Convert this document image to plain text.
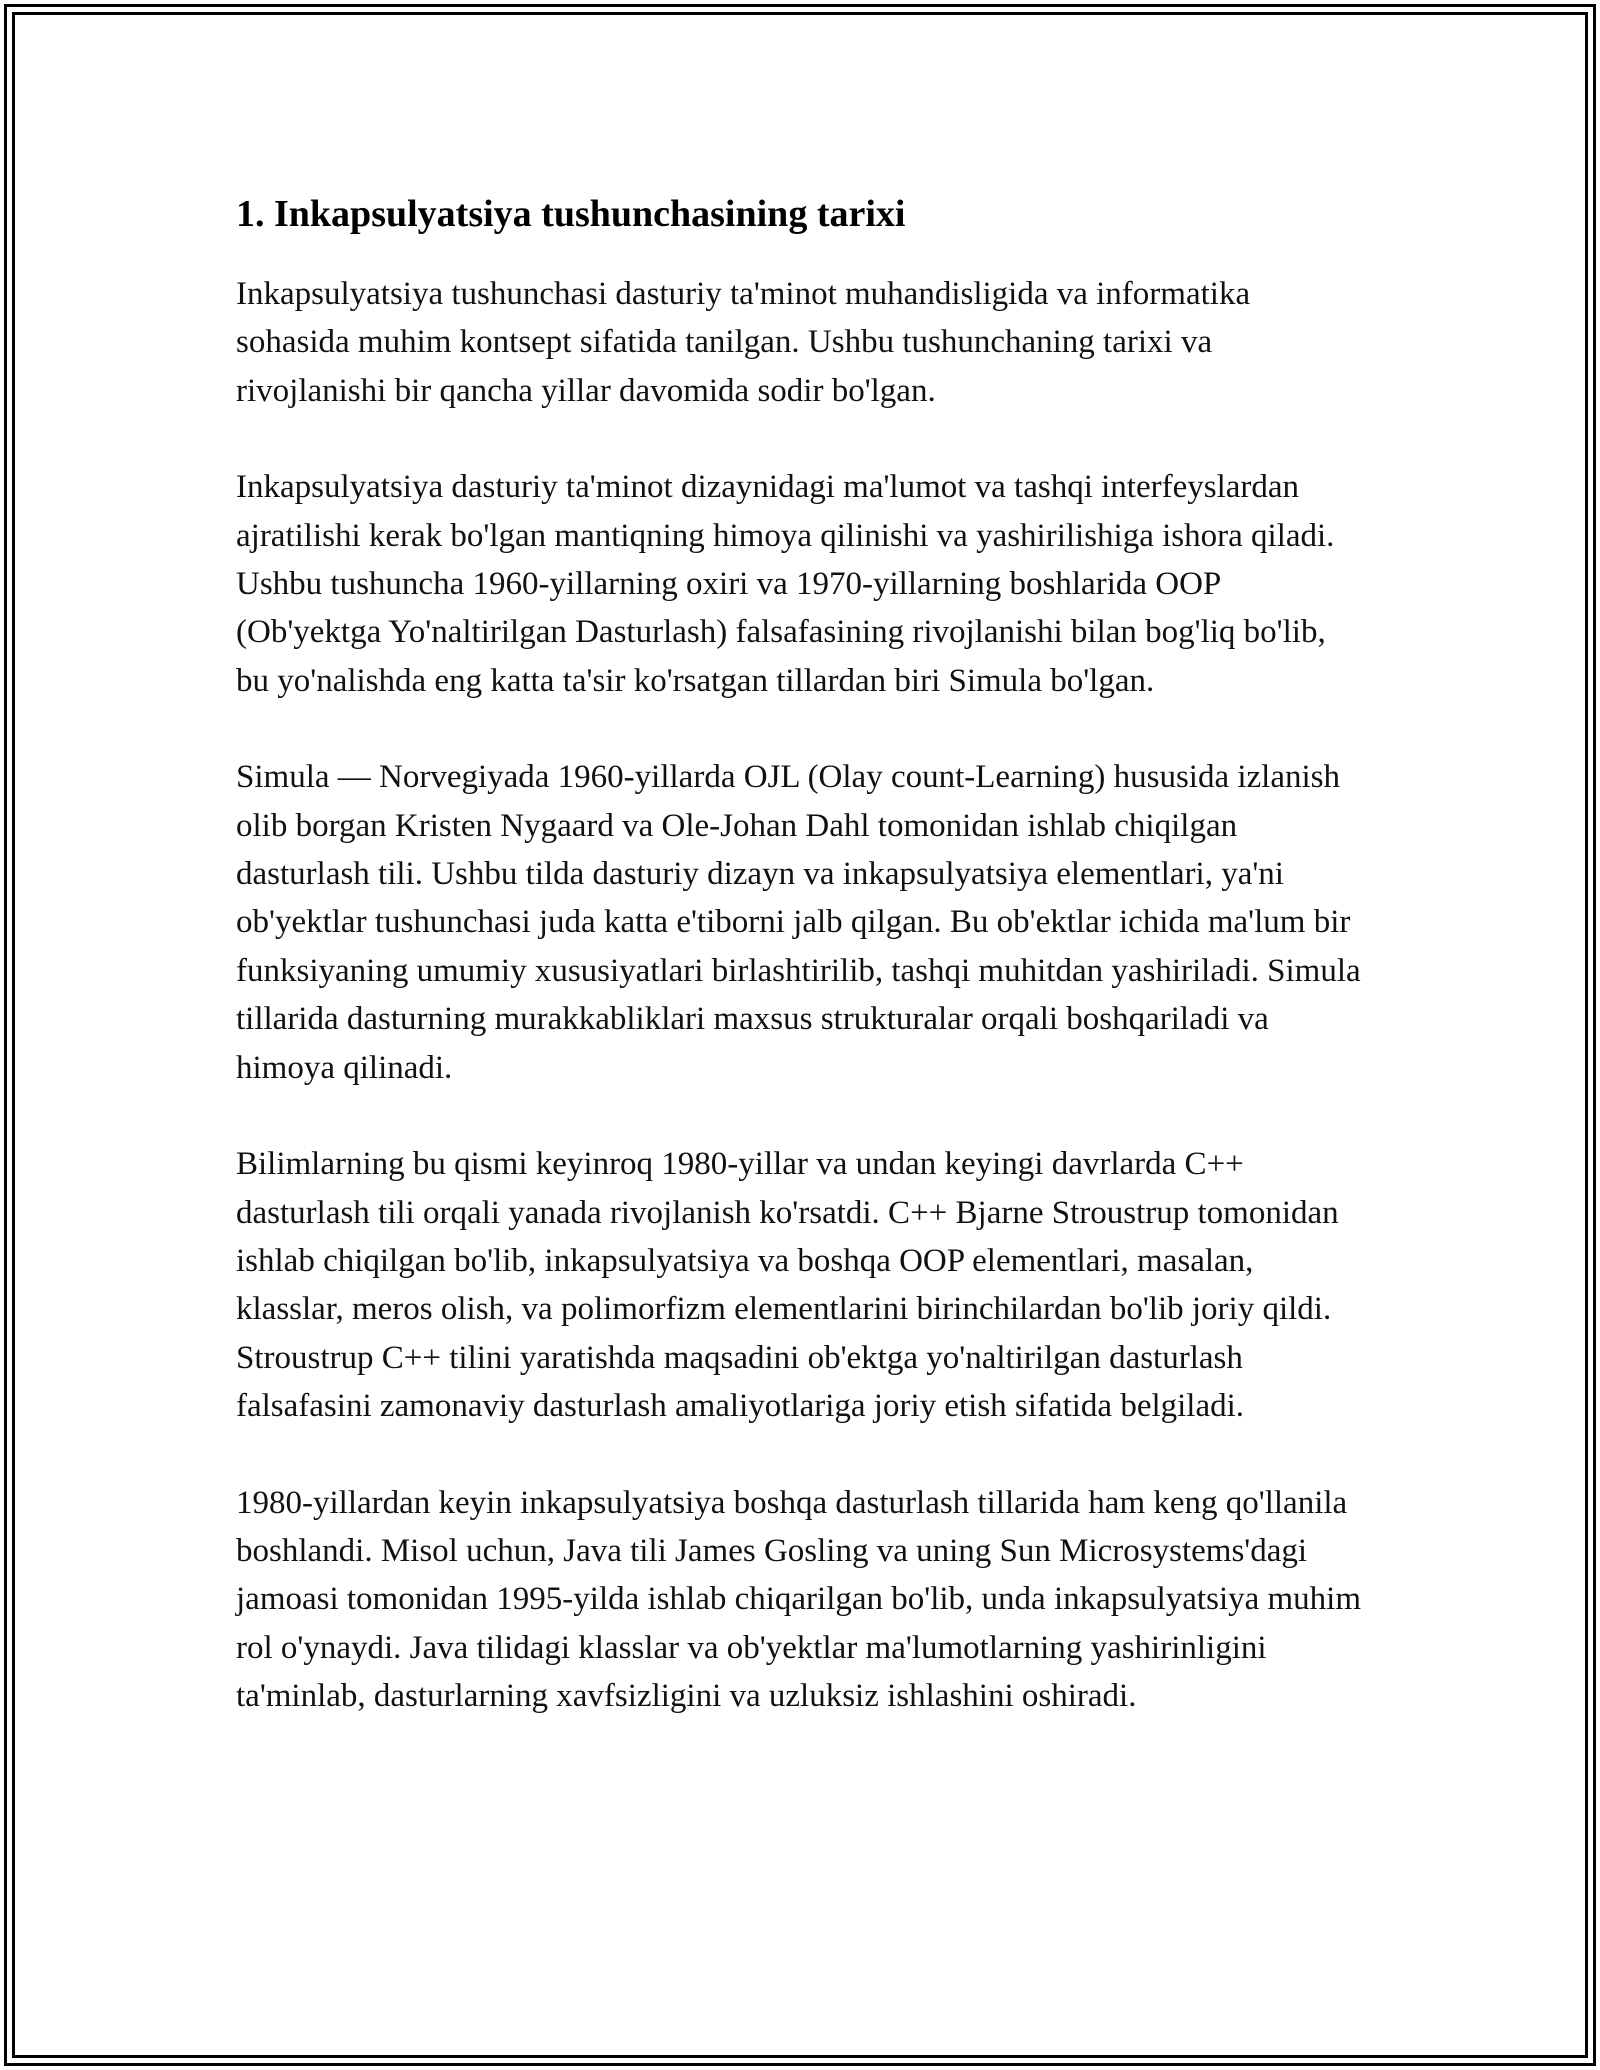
1. Inkapsulyatsiya tushunchasining tarixi

Inkapsulyatsiya tushunchasi dasturiy ta'minot muhandisligida va informatika sohasida muhim kontsept sifatida tanilgan. Ushbu tushunchaning tarixi va rivojlanishi bir qancha yillar davomida sodir bo'lgan.

Inkapsulyatsiya dasturiy ta'minot dizaynidagi ma'lumot va tashqi interfeyslardan ajratilishi kerak bo'lgan mantiqning himoya qilinishi va yashirilishiga ishora qiladi. Ushbu tushuncha 1960-yillarning oxiri va 1970-yillarning boshlarida OOP (Ob'yektga Yo'naltirilgan Dasturlash) falsafasining rivojlanishi bilan bog'liq bo'lib, bu yo'nalishda eng katta ta'sir ko'rsatgan tillardan biri Simula bo'lgan.

Simula — Norvegiyada 1960-yillarda OJL (Olay count-Learning) hususida izlanish olib borgan Kristen Nygaard va Ole-Johan Dahl tomonidan ishlab chiqilgan dasturlash tili. Ushbu tilda dasturiy dizayn va inkapsulyatsiya elementlari, ya'ni ob'yektlar tushunchasi juda katta e'tiborni jalb qilgan. Bu ob'ektlar ichida ma'lum bir funksiyaning umumiy xususiyatlari birlashtirilib, tashqi muhitdan yashiriladi. Simula tillarida dasturning murakkabliklari maxsus strukturalar orqali boshqariladi va himoya qilinadi.

Bilimlarning bu qismi keyinroq 1980-yillar va undan keyingi davrlarda C++ dasturlash tili orqali yanada rivojlanish ko'rsatdi. C++ Bjarne Stroustrup tomonidan ishlab chiqilgan bo'lib, inkapsulyatsiya va boshqa OOP elementlari, masalan, klasslar, meros olish, va polimorfizm elementlarini birinchilardan bo'lib joriy qildi. Stroustrup C++ tilini yaratishda maqsadini ob'ektga yo'naltirilgan dasturlash falsafasini zamonaviy dasturlash amaliyotlariga joriy etish sifatida belgiladi.

1980-yillardan keyin inkapsulyatsiya boshqa dasturlash tillarida ham keng qo'llanila boshlandi. Misol uchun, Java tili James Gosling va uning Sun Microsystems'dagi jamoasi tomonidan 1995-yilda ishlab chiqarilgan bo'lib, unda inkapsulyatsiya muhim rol o'ynaydi. Java tilidagi klasslar va ob'yektlar ma'lumotlarning yashirinligini ta'minlab, dasturlarning xavfsizligini va uzluksiz ishlashini oshiradi.
